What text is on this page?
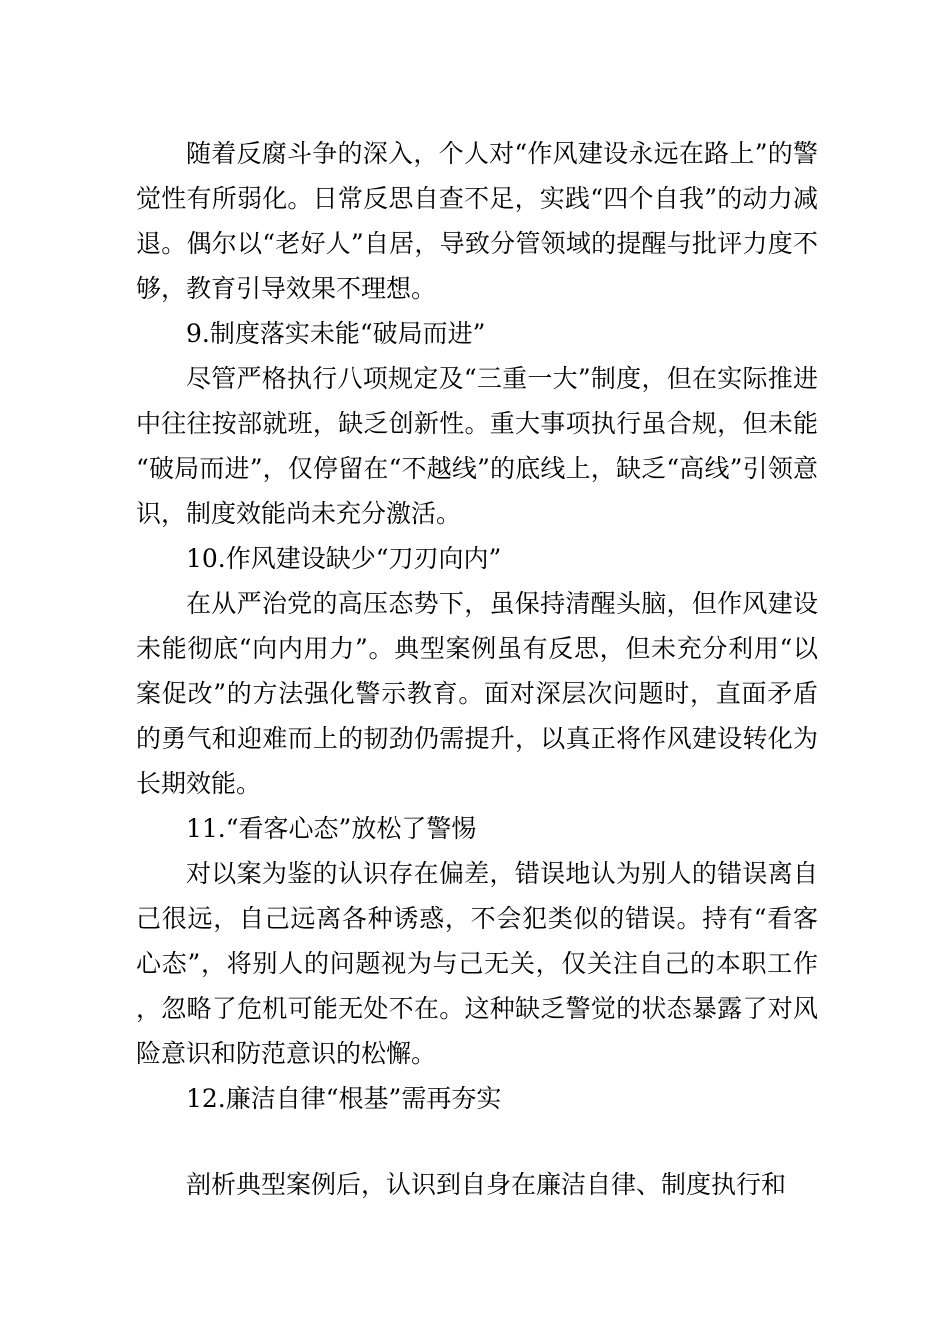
随着反腐斗争的深入，个人对“作风建设永远在路上”的警觉性有所弱化。日常反思自查不足，实践“四个自我”的动力减退。偶尔以“老好人”自居，导致分管领域的提醒与批评力度不够，教育引导效果不理想。

9.制度落实未能“破局而进”

尽管严格执行八项规定及“三重一大”制度，但在实际推进中往往按部就班，缺乏创新性。重大事项执行虽合规，但未能“破局而进”，仅停留在“不越线”的底线上，缺乏“高线”引领意识，制度效能尚未充分激活。

10.作风建设缺少“刀刃向内”

在从严治党的高压态势下，虽保持清醒头脑，但作风建设未能彻底“向内用力”。典型案例虽有反思，但未充分利用“以案促改”的方法强化警示教育。面对深层次问题时，直面矛盾的勇气和迎难而上的韧劲仍需提升，以真正将作风建设转化为长期效能。

11.“看客心态”放松了警惕

对以案为鉴的认识存在偏差，错误地认为别人的错误离自己很远，自己远离各种诱惑，不会犯类似的错误。持有“看客心态”，将别人的问题视为与己无关，仅关注自己的本职工作，忽略了危机可能无处不在。这种缺乏警觉的状态暴露了对风险意识和防范意识的松懈。

12.廉洁自律“根基”需再夯实

剖析典型案例后，认识到自身在廉洁自律、制度执行和
